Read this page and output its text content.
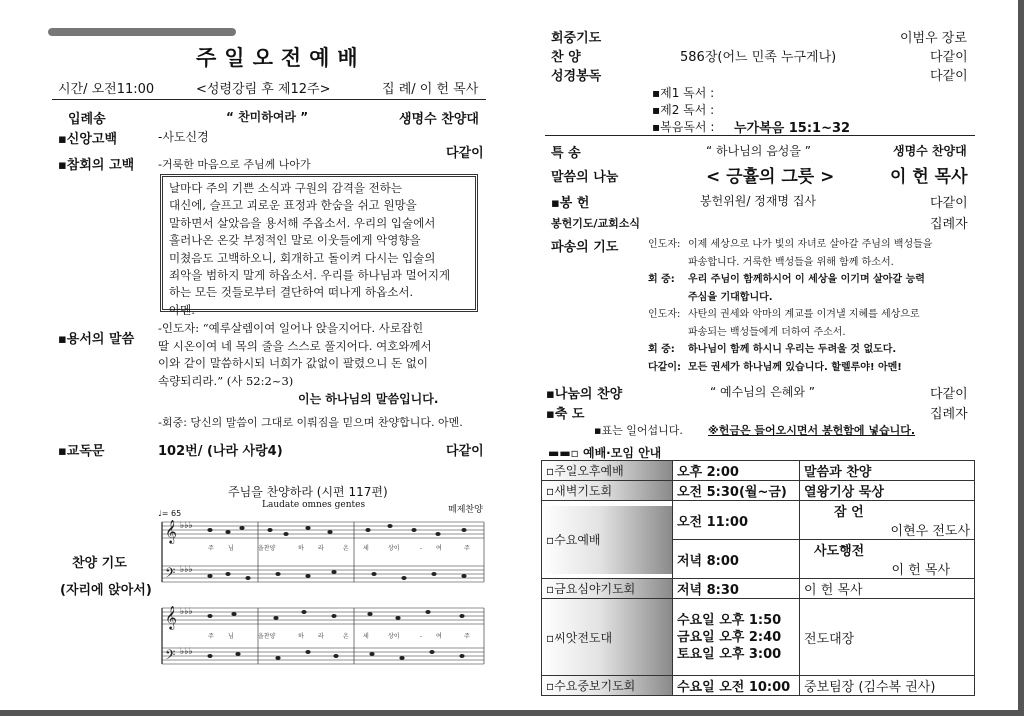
주일오전예배
시간/ 오전11:00	<성령강림 후 제12주>	집 례/ 이 헌 목사
입례송	“ 찬미하여라 ”	생명수 찬양대
▪신앙고백	-사도신경
다같이
▪참회의 고백 -거룩한 마음으로 주님께 나아가
날마다 주의 기쁜 소식과 구원의 감격을 전하는
대신에, 슬프고 괴로운 표정과 한숨을 쉬고 원망을
말하면서 살았음을 용서해 주옵소서. 우리의 입술에서
흘러나온 온갖 부정적인 말로 이웃들에게 악영향을
미쳤음도 고백하오니, 회개하고 돌이켜 다시는 입술의
죄악을 범하지 말게 하옵소서. 우리를 하나님과 멀어지게
하는 모든 것들로부터 결단하여 떠나게 하옵소서.
아멘.
▪용서의 말씀
-인도자: “예루살렘이여 일어나 앉을지어다. 사로잡힌
딸 시온이여 네 목의 줄을 스스로 풀지어다. 여호와께서
이와 같이 말씀하시되 너희가 값없이 팔렸으니 돈 없이
속량되리라.” (사 52:2~3)
이는 하나님의 말씀입니다.
-회중: 당신의 말씀이 그대로 이뤄짐을 믿으며 찬양합니다. 아멘.
▪교독문	102번/ (나라 사랑4)	다같이
주님을 찬양하라 (시편 117편)
Laudate omnes gentes	떼제찬양
♩= 65
찬양 기도
(자리에 앉아서)
𝄞
𝄢
𝄞
𝄢
♭♭♭
♭♭♭
♭♭♭
♭♭♭
주 님	을찬양	하 라	온 세	상이	- 여	주
주 님	을찬양	하 라	온 세	상이	- 여	주
회중기도	이범우 장로
찬 양	586장(어느 민족 누구게나)	다같이
성경봉독	다같이
▪제1 독서 :
▪제2 독서 :
▪복음독서 : 누가복음 15:1~32
특 송	“ 하나님의 음성을 ”	생명수 찬양대
말씀의 나눔	< 긍휼의 그릇 >	이 헌 목사
▪봉 헌	봉헌위원/ 정재명 집사	다같이
봉헌기도/교회소식	집례자
파송의 기도	인도자: 이제 세상으로 나가 빛의 자녀로 살아갈 주님의 백성들을
파송합니다. 거룩한 백성들을 위해 함께 하소서.
회 중: 우리 주님이 함께하시어 이 세상을 이기며 살아갈 능력
주심을 기대합니다.
인도자: 사탄의 권세와 악마의 계교를 이겨낼 지혜를 세상으로
파송되는 백성들에게 더하여 주소서.
회 중: 하나님이 함께 하시니 우리는 두려울 것 없도다.
다같이: 모든 권세가 하나님께 있습니다. 할렐루야! 아멘!
▪나눔의 찬양	“ 예수님의 은혜와 ”	다같이
▪축 도	집례자
▪표는 일어섭니다. ※헌금은 들어오시면서 봉헌함에 넣습니다.
▬▬▫ 예배·모임 안내
▫주일오후예배	오후 2:00	말씀과 찬양

▫새벽기도회	오전 5:30(월~금)	열왕기상 묵상

▫수요예배	오전 11:00	잠 언
이현우 전도사

	저녁 8:00	사도행전
이 헌 목사

▫금요심야기도회	저녁 8:30	이 헌 목사

▫씨앗전도대	수요일 오후 1:50
금요일 오후 2:40
토요일 오후 3:00	전도대장

▫수요중보기도회	수요일 오전 10:00	중보팀장 (김수복 권사)
